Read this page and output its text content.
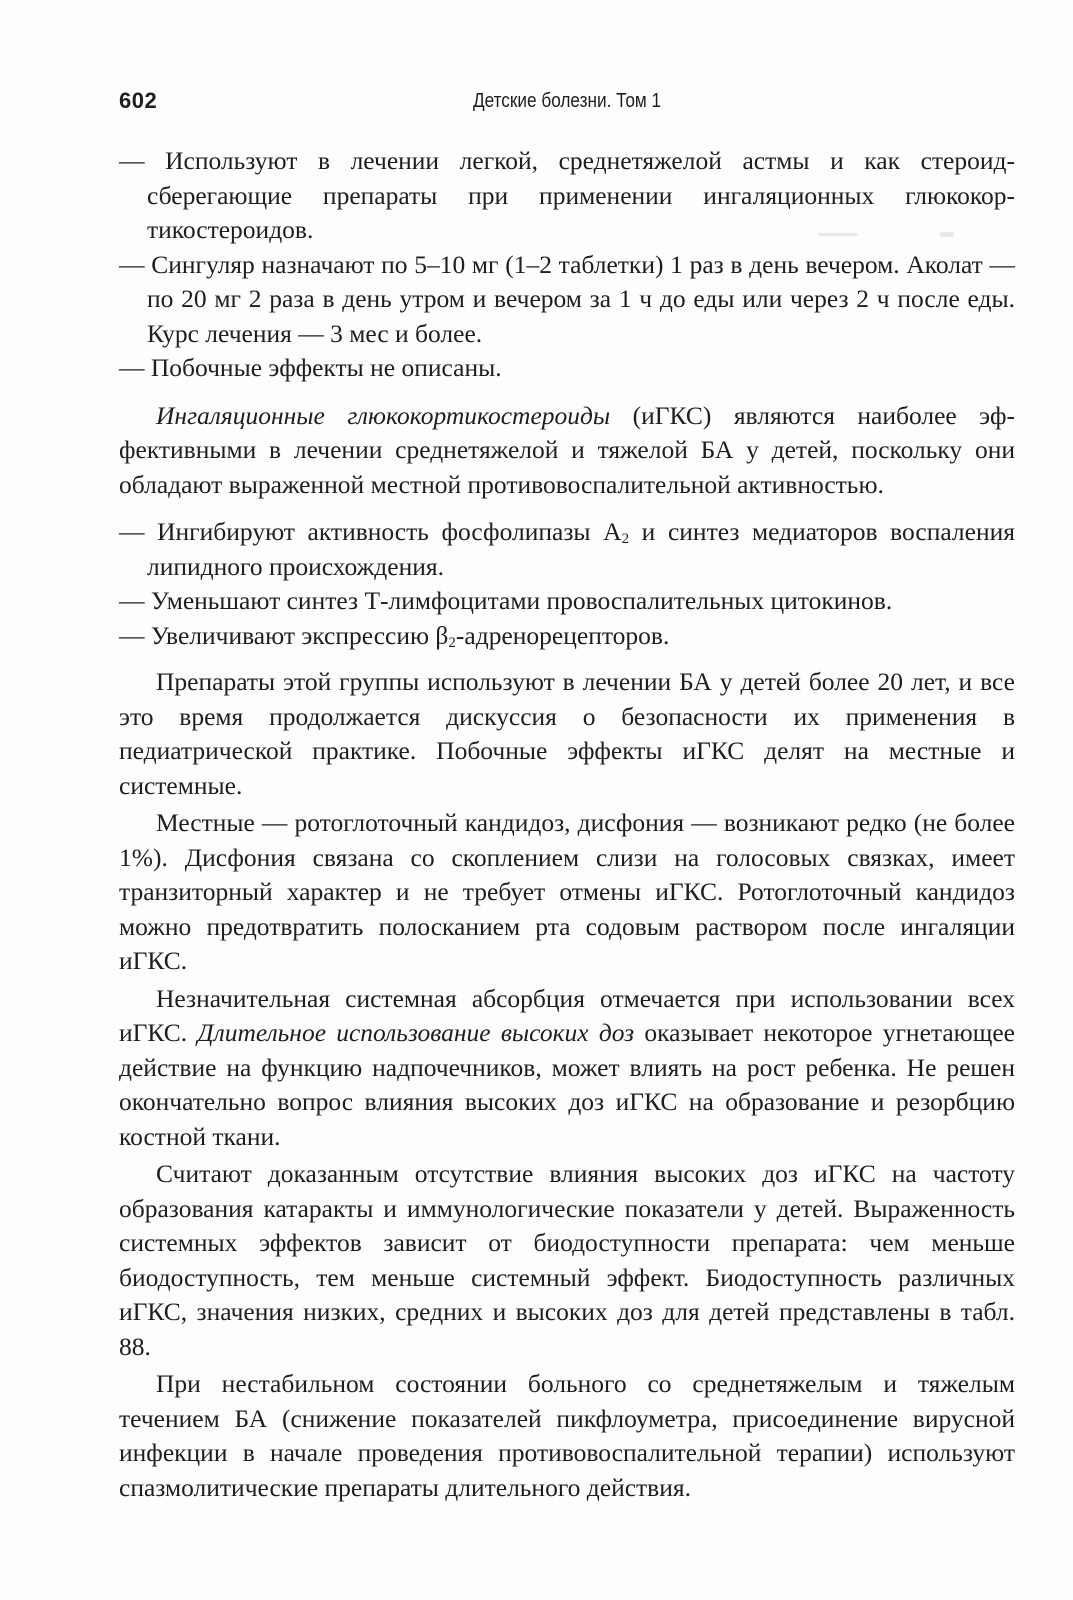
602	Детские болезни. Том 1

— Используют в лечении легкой, среднетяжелой астмы и как стероидсберегающие препараты при применении ингаляционных глюкокортикостероидов.

— Сингуляр назначают по 5–10 мг (1–2 таблетки) 1 раз в день вечером. Аколат — по 20 мг 2 раза в день утром и вечером за 1 ч до еды или через 2 ч после еды. Курс лечения — 3 мес и более.

— Побочные эффекты не описаны.

Ингаляционные глюкокортикостероиды (иГКС) являются наиболее эффективными в лечении среднетяжелой и тяжелой БА у детей, поскольку они обладают выраженной местной противовоспалительной активностью.

— Ингибируют активность фосфолипазы $А_2$ и синтез медиаторов воспаления липидного происхождения.

— Уменьшают синтез Т-лимфоцитами провоспалительных цитокинов.

— Увеличивают экспрессию $\beta_2$-адренорецепторов.

Препараты этой группы используют в лечении БА у детей более 20 лет, и все это время продолжается дискуссия о безопасности их применения в педиатрической практике. Побочные эффекты иГКС делят на местные и системные.

Местные — ротоглоточный кандидоз, дисфония — возникают редко (не более 1%). Дисфония связана со скоплением слизи на голосовых связках, имеет транзиторный характер и не требует отмены иГКС. Ротоглоточный кандидоз можно предотвратить полосканием рта содовым раствором после ингаляции иГКС.

Незначительная системная абсорбция отмечается при использовании всех иГКС. Длительное использование высоких доз оказывает некоторое угнетающее действие на функцию надпочечников, может влиять на рост ребенка. Не решен окончательно вопрос влияния высоких доз иГКС на образование и резорбцию костной ткани.

Считают доказанным отсутствие влияния высоких доз иГКС на частоту образования катаракты и иммунологические показатели у детей. Выраженность системных эффектов зависит от биодоступности препарата: чем меньше биодоступность, тем меньше системный эффект. Биодоступность различных иГКС, значения низких, средних и высоких доз для детей представлены в табл. 88.

При нестабильном состоянии больного со среднетяжелым и тяжелым течением БА (снижение показателей пикфлоуметра, присоединение вирусной инфекции в начале проведения противовоспалительной терапии) используют спазмолитические препараты длительного действия.
